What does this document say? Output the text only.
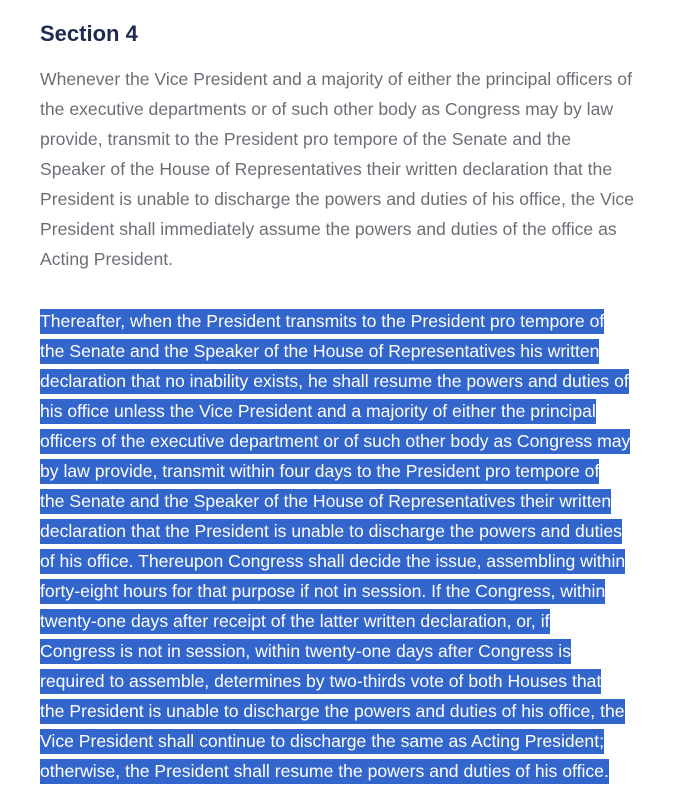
Section 4

Whenever the Vice President and a majority of either the principal officers of
the executive departments or of such other body as Congress may by law
provide, transmit to the President pro tempore of the Senate and the
Speaker of the House of Representatives their written declaration that the
President is unable to discharge the powers and duties of his office, the Vice
President shall immediately assume the powers and duties of the office as
Acting President.

Thereafter, when the President transmits to the President pro tempore of
the Senate and the Speaker of the House of Representatives his written
declaration that no inability exists, he shall resume the powers and duties of
his office unless the Vice President and a majority of either the principal
officers of the executive department or of such other body as Congress may
by law provide, transmit within four days to the President pro tempore of
the Senate and the Speaker of the House of Representatives their written
declaration that the President is unable to discharge the powers and duties
of his office. Thereupon Congress shall decide the issue, assembling within
forty-eight hours for that purpose if not in session. If the Congress, within
twenty-one days after receipt of the latter written declaration, or, if
Congress is not in session, within twenty-one days after Congress is
required to assemble, determines by two-thirds vote of both Houses that
the President is unable to discharge the powers and duties of his office, the
Vice President shall continue to discharge the same as Acting President;
otherwise, the President shall resume the powers and duties of his office.
